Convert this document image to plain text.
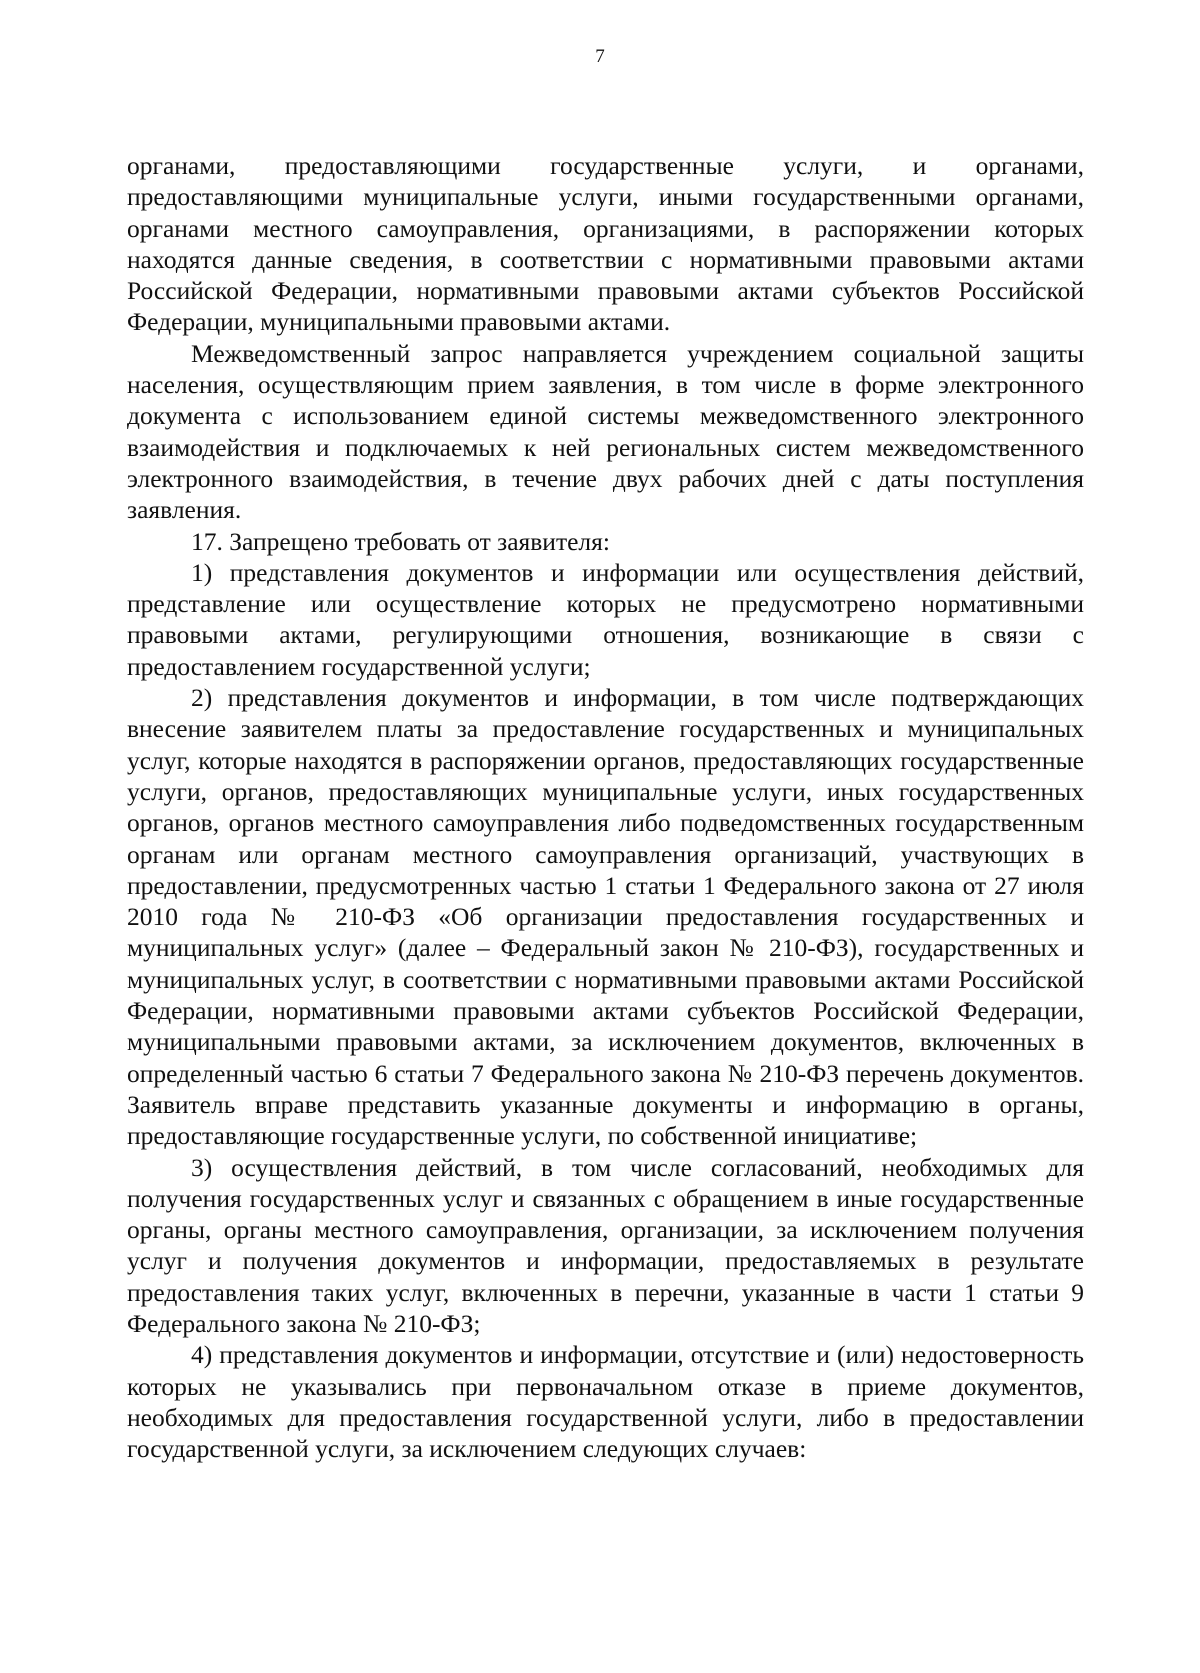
7

органами, предоставляющими государственные услуги, и органами, предоставляющими муниципальные услуги, иными государственными органами, органами местного самоуправления, организациями, в распоряжении которых находятся данные сведения, в соответствии с нормативными правовыми актами Российской Федерации, нормативными правовыми актами субъектов Российской Федерации, муниципальными правовыми актами.

Межведомственный запрос направляется учреждением социальной защиты населения, осуществляющим прием заявления, в том числе в форме электронного документа с использованием единой системы межведомственного электронного взаимодействия и подключаемых к ней региональных систем межведомственного электронного взаимодействия, в течение двух рабочих дней с даты поступления заявления.

17. Запрещено требовать от заявителя:

1) представления документов и информации или осуществления действий, представление или осуществление которых не предусмотрено нормативными правовыми актами, регулирующими отношения, возникающие в связи с предоставлением государственной услуги;

2) представления документов и информации, в том числе подтверждающих внесение заявителем платы за предоставление государственных и муниципальных услуг, которые находятся в распоряжении органов, предоставляющих государственные услуги, органов, предоставляющих муниципальные услуги, иных государственных органов, органов местного самоуправления либо подведомственных государственным органам или органам местного самоуправления организаций, участвующих в предоставлении, предусмотренных частью 1 статьи 1 Федерального закона от 27 июля 2010 года № 210-ФЗ «Об организации предоставления государственных и муниципальных услуг» (далее – Федеральный закон № 210-ФЗ), государственных и муниципальных услуг, в соответствии с нормативными правовыми актами Российской Федерации, нормативными правовыми актами субъектов Российской Федерации, муниципальными правовыми актами, за исключением документов, включенных в определенный частью 6 статьи 7 Федерального закона № 210-ФЗ перечень документов. Заявитель вправе представить указанные документы и информацию в органы, предоставляющие государственные услуги, по собственной инициативе;

3) осуществления действий, в том числе согласований, необходимых для получения государственных услуг и связанных с обращением в иные государственные органы, органы местного самоуправления, организации, за исключением получения услуг и получения документов и информации, предоставляемых в результате предоставления таких услуг, включенных в перечни, указанные в части 1 статьи 9 Федерального закона № 210-ФЗ;

4) представления документов и информации, отсутствие и (или) недостоверность которых не указывались при первоначальном отказе в приеме документов, необходимых для предоставления государственной услуги, либо в предоставлении государственной услуги, за исключением следующих случаев:
